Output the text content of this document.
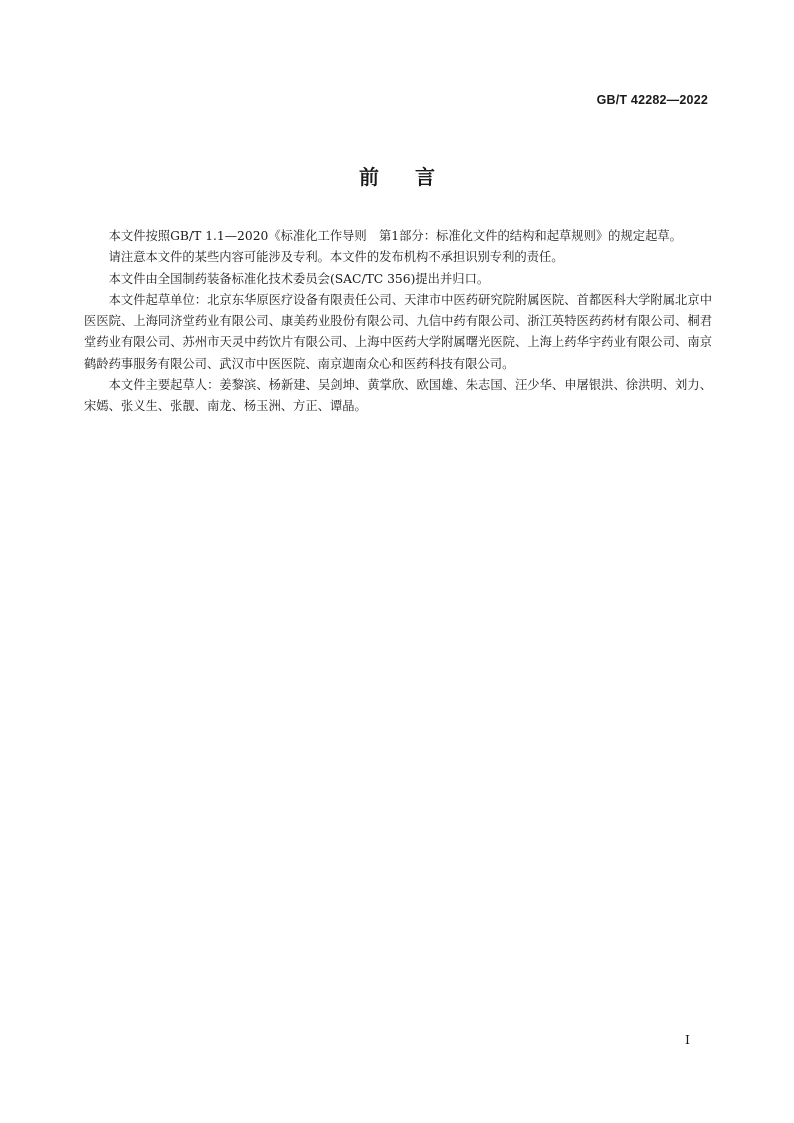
GB/T 42282—2022
前言

本文件按照GB/T 1.1—2020《标准化工作导则　第1部分：标准化文件的结构和起草规则》的规定起草。

请注意本文件的某些内容可能涉及专利。本文件的发布机构不承担识别专利的责任。

本文件由全国制药装备标准化技术委员会(SAC/TC 356)提出并归口。

本文件起草单位：北京东华原医疗设备有限责任公司、天津市中医药研究院附属医院、首都医科大学附属北京中医医院、上海同济堂药业有限公司、康美药业股份有限公司、九信中药有限公司、浙江英特医药药材有限公司、桐君堂药业有限公司、苏州市天灵中药饮片有限公司、上海中医药大学附属曙光医院、上海上药华宇药业有限公司、南京鹤龄药事服务有限公司、武汉市中医医院、南京迦南众心和医药科技有限公司。

本文件主要起草人：姜黎滨、杨新建、吴剑坤、黄掌欣、欧国雄、朱志国、汪少华、申屠银洪、徐洪明、刘力、宋嫣、张义生、张靓、南龙、杨玉洲、方正、谭晶。

I
